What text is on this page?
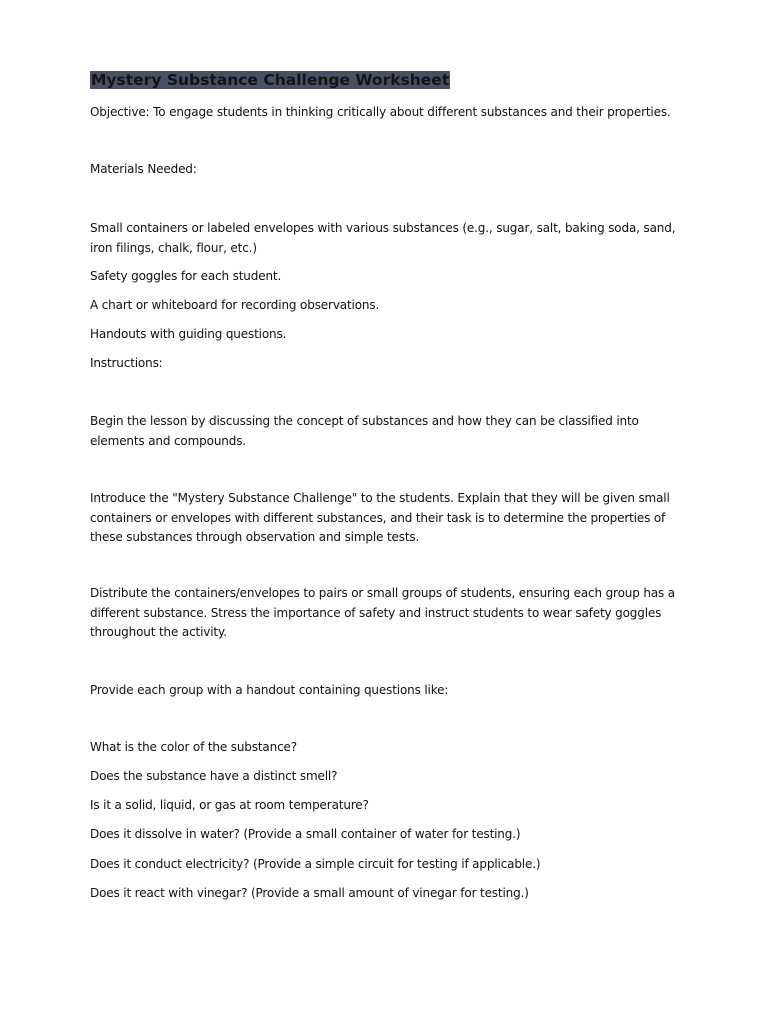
Mystery Substance Challenge Worksheet

Objective: To engage students in thinking critically about different substances and their properties.

Materials Needed:

Small containers or labeled envelopes with various substances (e.g., sugar, salt, baking soda, sand, iron filings, chalk, flour, etc.)

Safety goggles for each student.

A chart or whiteboard for recording observations.

Handouts with guiding questions.

Instructions:

Begin the lesson by discussing the concept of substances and how they can be classified into elements and compounds.

Introduce the "Mystery Substance Challenge" to the students. Explain that they will be given small containers or envelopes with different substances, and their task is to determine the properties of these substances through observation and simple tests.

Distribute the containers/envelopes to pairs or small groups of students, ensuring each group has a different substance. Stress the importance of safety and instruct students to wear safety goggles throughout the activity.

Provide each group with a handout containing questions like:

What is the color of the substance?

Does the substance have a distinct smell?

Is it a solid, liquid, or gas at room temperature?

Does it dissolve in water? (Provide a small container of water for testing.)

Does it conduct electricity? (Provide a simple circuit for testing if applicable.)

Does it react with vinegar? (Provide a small amount of vinegar for testing.)
